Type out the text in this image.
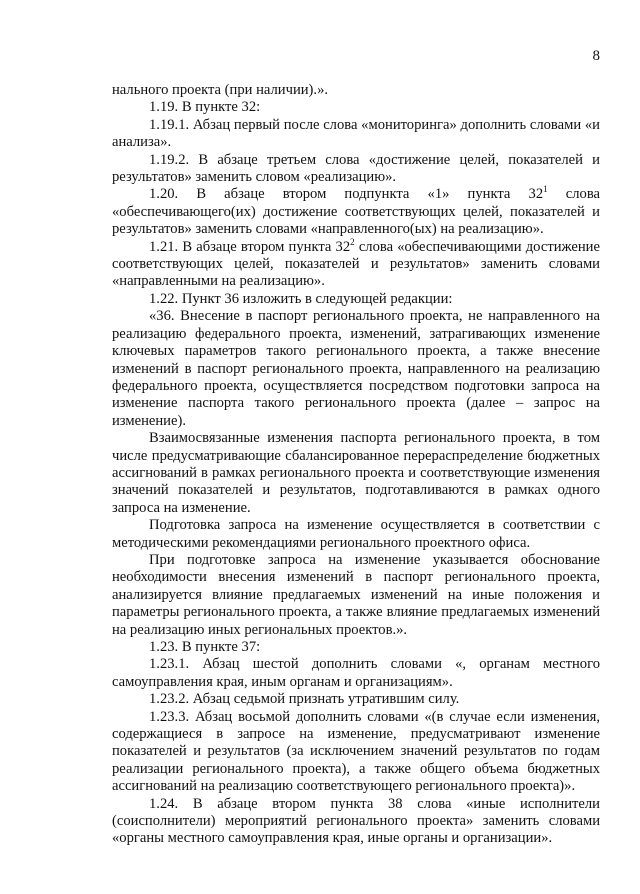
8

нального проекта (при наличии).».

1.19. В пункте 32:

1.19.1. Абзац первый после слова «мониторинга» дополнить словами «и анализа».

1.19.2. В абзаце третьем слова «достижение целей, показателей и результатов» заменить словом «реализацию».

1.20. В абзаце втором подпункта «1» пункта $32^1$ слова «обеспечивающего(их) достижение соответствующих целей, показателей и результатов» заменить словами «направленного(ых) на реализацию».

1.21. В абзаце втором пункта $32^2$ слова «обеспечивающими достижение соответствующих целей, показателей и результатов» заменить словами «направленными на реализацию».

1.22. Пункт 36 изложить в следующей редакции:

«36. Внесение в паспорт регионального проекта, не направленного на реализацию федерального проекта, изменений, затрагивающих изменение ключевых параметров такого регионального проекта, а также внесение изменений в паспорт регионального проекта, направленного на реализацию федерального проекта, осуществляется посредством подготовки запроса на изменение паспорта такого регионального проекта (далее – запрос на изменение).

Взаимосвязанные изменения паспорта регионального проекта, в том числе предусматривающие сбалансированное перераспределение бюджетных ассигнований в рамках регионального проекта и соответствующие изменения значений показателей и результатов, подготавливаются в рамках одного запроса на изменение.

Подготовка запроса на изменение осуществляется в соответствии с методическими рекомендациями регионального проектного офиса.

При подготовке запроса на изменение указывается обоснование необходимости внесения изменений в паспорт регионального проекта, анализируется влияние предлагаемых изменений на иные положения и параметры регионального проекта, а также влияние предлагаемых изменений на реализацию иных региональных проектов.».

1.23. В пункте 37:

1.23.1. Абзац шестой дополнить словами «, органам местного самоуправления края, иным органам и организациям».

1.23.2. Абзац седьмой признать утратившим силу.

1.23.3. Абзац восьмой дополнить словами «(в случае если изменения, содержащиеся в запросе на изменение, предусматривают изменение показателей и результатов (за исключением значений результатов по годам реализации регионального проекта), а также общего объема бюджетных ассигнований на реализацию соответствующего регионального проекта)».

1.24. В абзаце втором пункта 38 слова «иные исполнители (соисполнители) мероприятий регионального проекта» заменить словами «органы местного самоуправления края, иные органы и организации».
